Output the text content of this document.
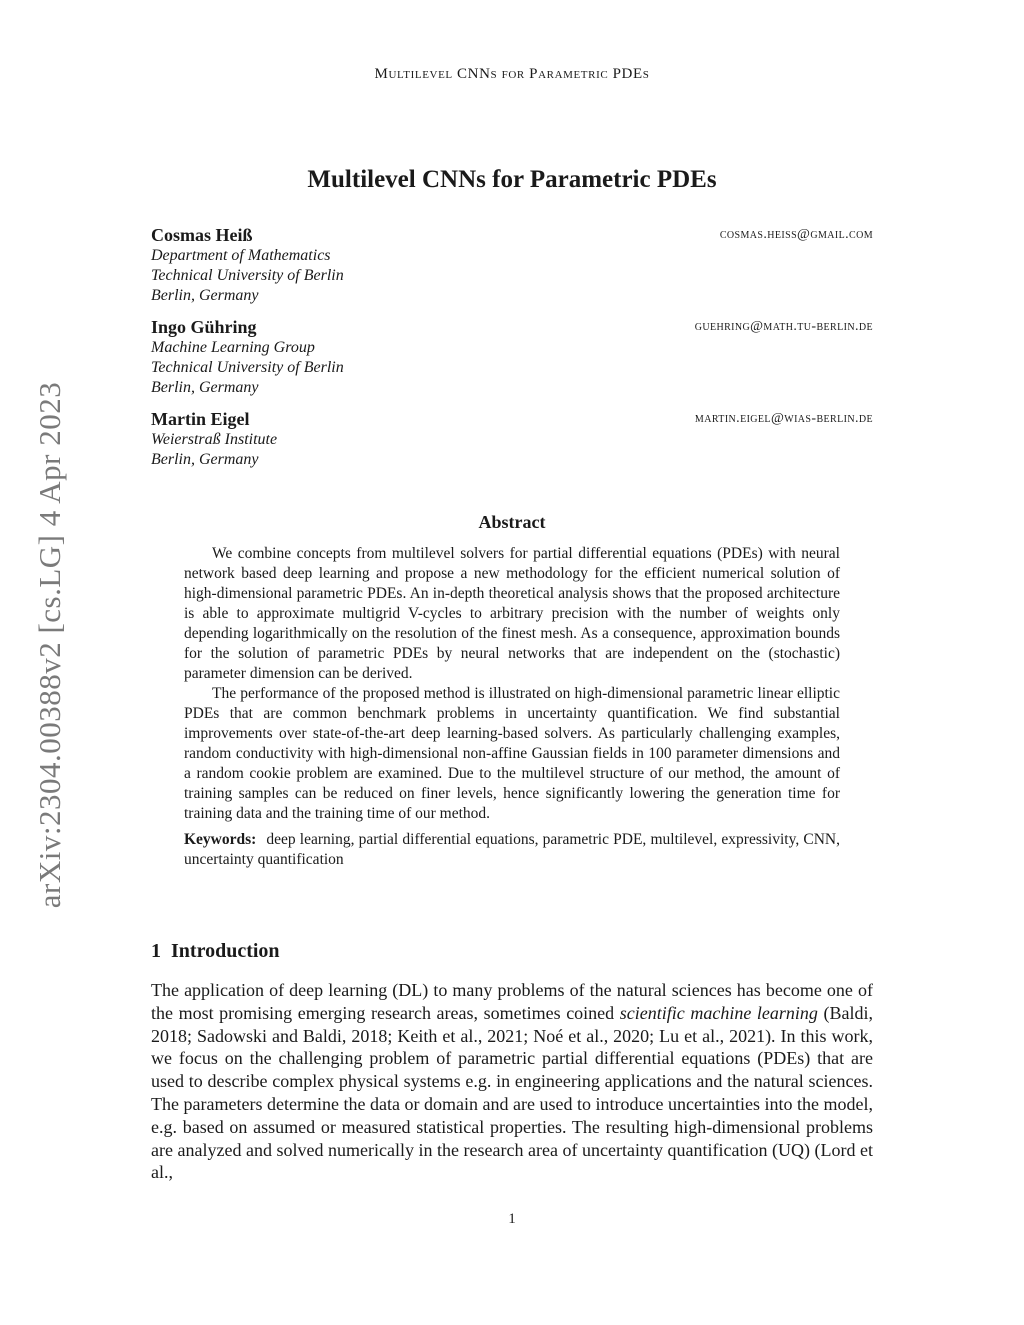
Multilevel CNNs for Parametric PDEs
arXiv:2304.00388v2 [cs.LG] 4 Apr 2023
Multilevel CNNs for Parametric PDEs
Cosmas Heiß	cosmas.heiss@gmail.com
Department of Mathematics
Technical University of Berlin
Berlin, Germany
Ingo Gühring	guehring@math.tu-berlin.de
Machine Learning Group
Technical University of Berlin
Berlin, Germany
Martin Eigel	martin.eigel@wias-berlin.de
Weierstraß Institute
Berlin, Germany
Abstract

We combine concepts from multilevel solvers for partial differential equations (PDEs) with neural network based deep learning and propose a new methodology for the efficient numerical solution of high-dimensional parametric PDEs. An in-depth theoretical analysis shows that the proposed architecture is able to approximate multigrid V-cycles to arbitrary precision with the number of weights only depending logarithmically on the resolution of the finest mesh. As a consequence, approximation bounds for the solution of parametric PDEs by neural networks that are independent on the (stochastic) parameter dimension can be derived.

The performance of the proposed method is illustrated on high-dimensional parametric linear elliptic PDEs that are common benchmark problems in uncertainty quantification. We find substantial improvements over state-of-the-art deep learning-based solvers. As particularly challenging examples, random conductivity with high-dimensional non-affine Gaussian fields in 100 parameter dimensions and a random cookie problem are examined. Due to the multilevel structure of our method, the amount of training samples can be reduced on finer levels, hence significantly lowering the generation time for training data and the training time of our method.

Keywords: deep learning, partial differential equations, parametric PDE, multilevel, expressivity, CNN, uncertainty quantification
1 Introduction

The application of deep learning (DL) to many problems of the natural sciences has become one of the most promising emerging research areas, sometimes coined scientific machine learning (Baldi, 2018; Sadowski and Baldi, 2018; Keith et al., 2021; Noé et al., 2020; Lu et al., 2021). In this work, we focus on the challenging problem of parametric partial differential equations (PDEs) that are used to describe complex physical systems e.g. in engineering applications and the natural sciences. The parameters determine the data or domain and are used to introduce uncertainties into the model, e.g. based on assumed or measured statistical properties. The resulting high-dimensional problems are analyzed and solved numerically in the research area of uncertainty quantification (UQ) (Lord et al.,

1
